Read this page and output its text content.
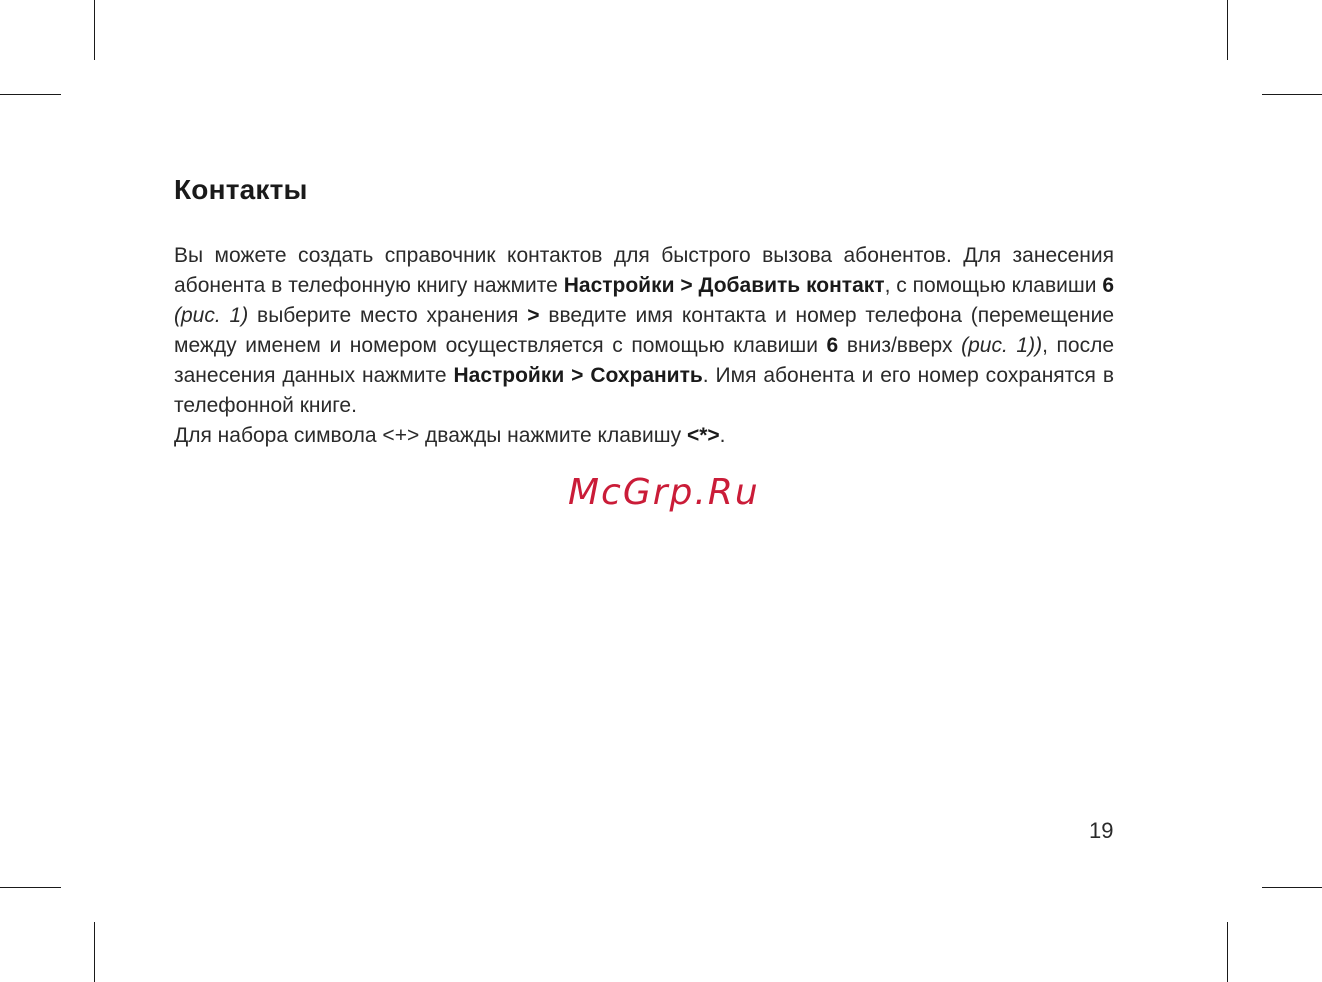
Контакты

Вы можете создать справочник контактов для быстрого вызова абонентов. Для занесения абонента в телефонную книгу нажмите Настройки > Добавить контакт, с помощью клавиши 6 (рис. 1) выберите место хранения > введите имя контакта и номер телефона (перемещение между именем и номером осуществляется с помощью клавиши 6 вниз/вверх (рис. 1)), после занесения данных нажмите Настройки > Сохранить. Имя абонента и его номер сохранятся в телефонной книге.

Для набора символа <+> дважды нажмите клавишу <*>.

McGrp.Ru
19
